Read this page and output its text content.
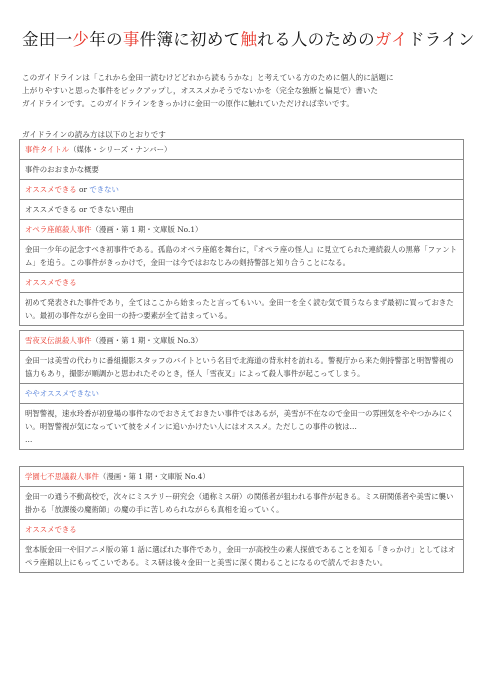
金田一少年の事件簿に初めて触れる人のためのガイドライン

このガイドラインは「これから金田一読むけどどれから読もうかな」と考えている方のために個人的に話題に

上がりやすいと思った事件をピックアップし，オススメかそうでないかを（完全な独断と偏見で）書いた

ガイドラインです。このガイドラインをきっかけに金田一の原作に触れていただければ幸いです。

ガイドラインの読み方は以下のとおりです
事件タイトル（媒体・シリーズ・ナンバー）
事件のおおまかな概要
オススメできる or できない
オススメできる or できない理由
オペラ座館殺人事件（漫画・第 1 期・文庫版 No.1）
金田一少年の記念すべき初事件である。孤島のオペラ座館を舞台に，『オペラ座の怪人』に見立てられた連続殺人の黒幕「ファントム」を追う。この事件がきっかけで，金田一は今ではおなじみの剣持警部と知り合うことになる。
オススメできる
初めて発表された事件であり，全てはここから始まったと言ってもいい。金田一を全く読む気で買うならまず最初に買っておきたい。最初の事件ながら金田一の持つ要素が全て詰まっている。
雪夜叉伝説殺人事件（漫画・第 1 期・文庫版 No.3）
金田一は美雪の代わりに番組撮影スタッフのバイトという名目で北海道の背氷村を訪れる。警視庁から来た剣持警部と明智警視の協力もあり，撮影が順調かと思われたそのとき，怪人「雪夜叉」によって殺人事件が起こってしまう。
ややオススメできない
明智警視，速水玲香が初登場の事件なのでおさえておきたい事件ではあるが，美雪が不在なので金田一の雰囲気をややつかみにくい。明智警視が気になっていて彼をメインに追いかけたい人にはオススメ。ただしこの事件の彼は…
…
学園七不思議殺人事件（漫画・第 1 期・文庫版 No.4）
金田一の通う不動高校で，次々にミステリー研究会（通称ミス研）の関係者が狙われる事件が起きる。ミス研関係者や美雪に襲い掛かる「放課後の魔術師」の魔の手に苦しめられながらも真相を追っていく。
オススメできる
堂本版金田一や旧アニメ版の第 1 話に選ばれた事件であり，金田一が高校生の素人探偵であることを知る「きっかけ」としてはオペラ座館以上にもってこいである。ミス研は後々金田一と美雪に深く関わることになるので読んでおきたい。
